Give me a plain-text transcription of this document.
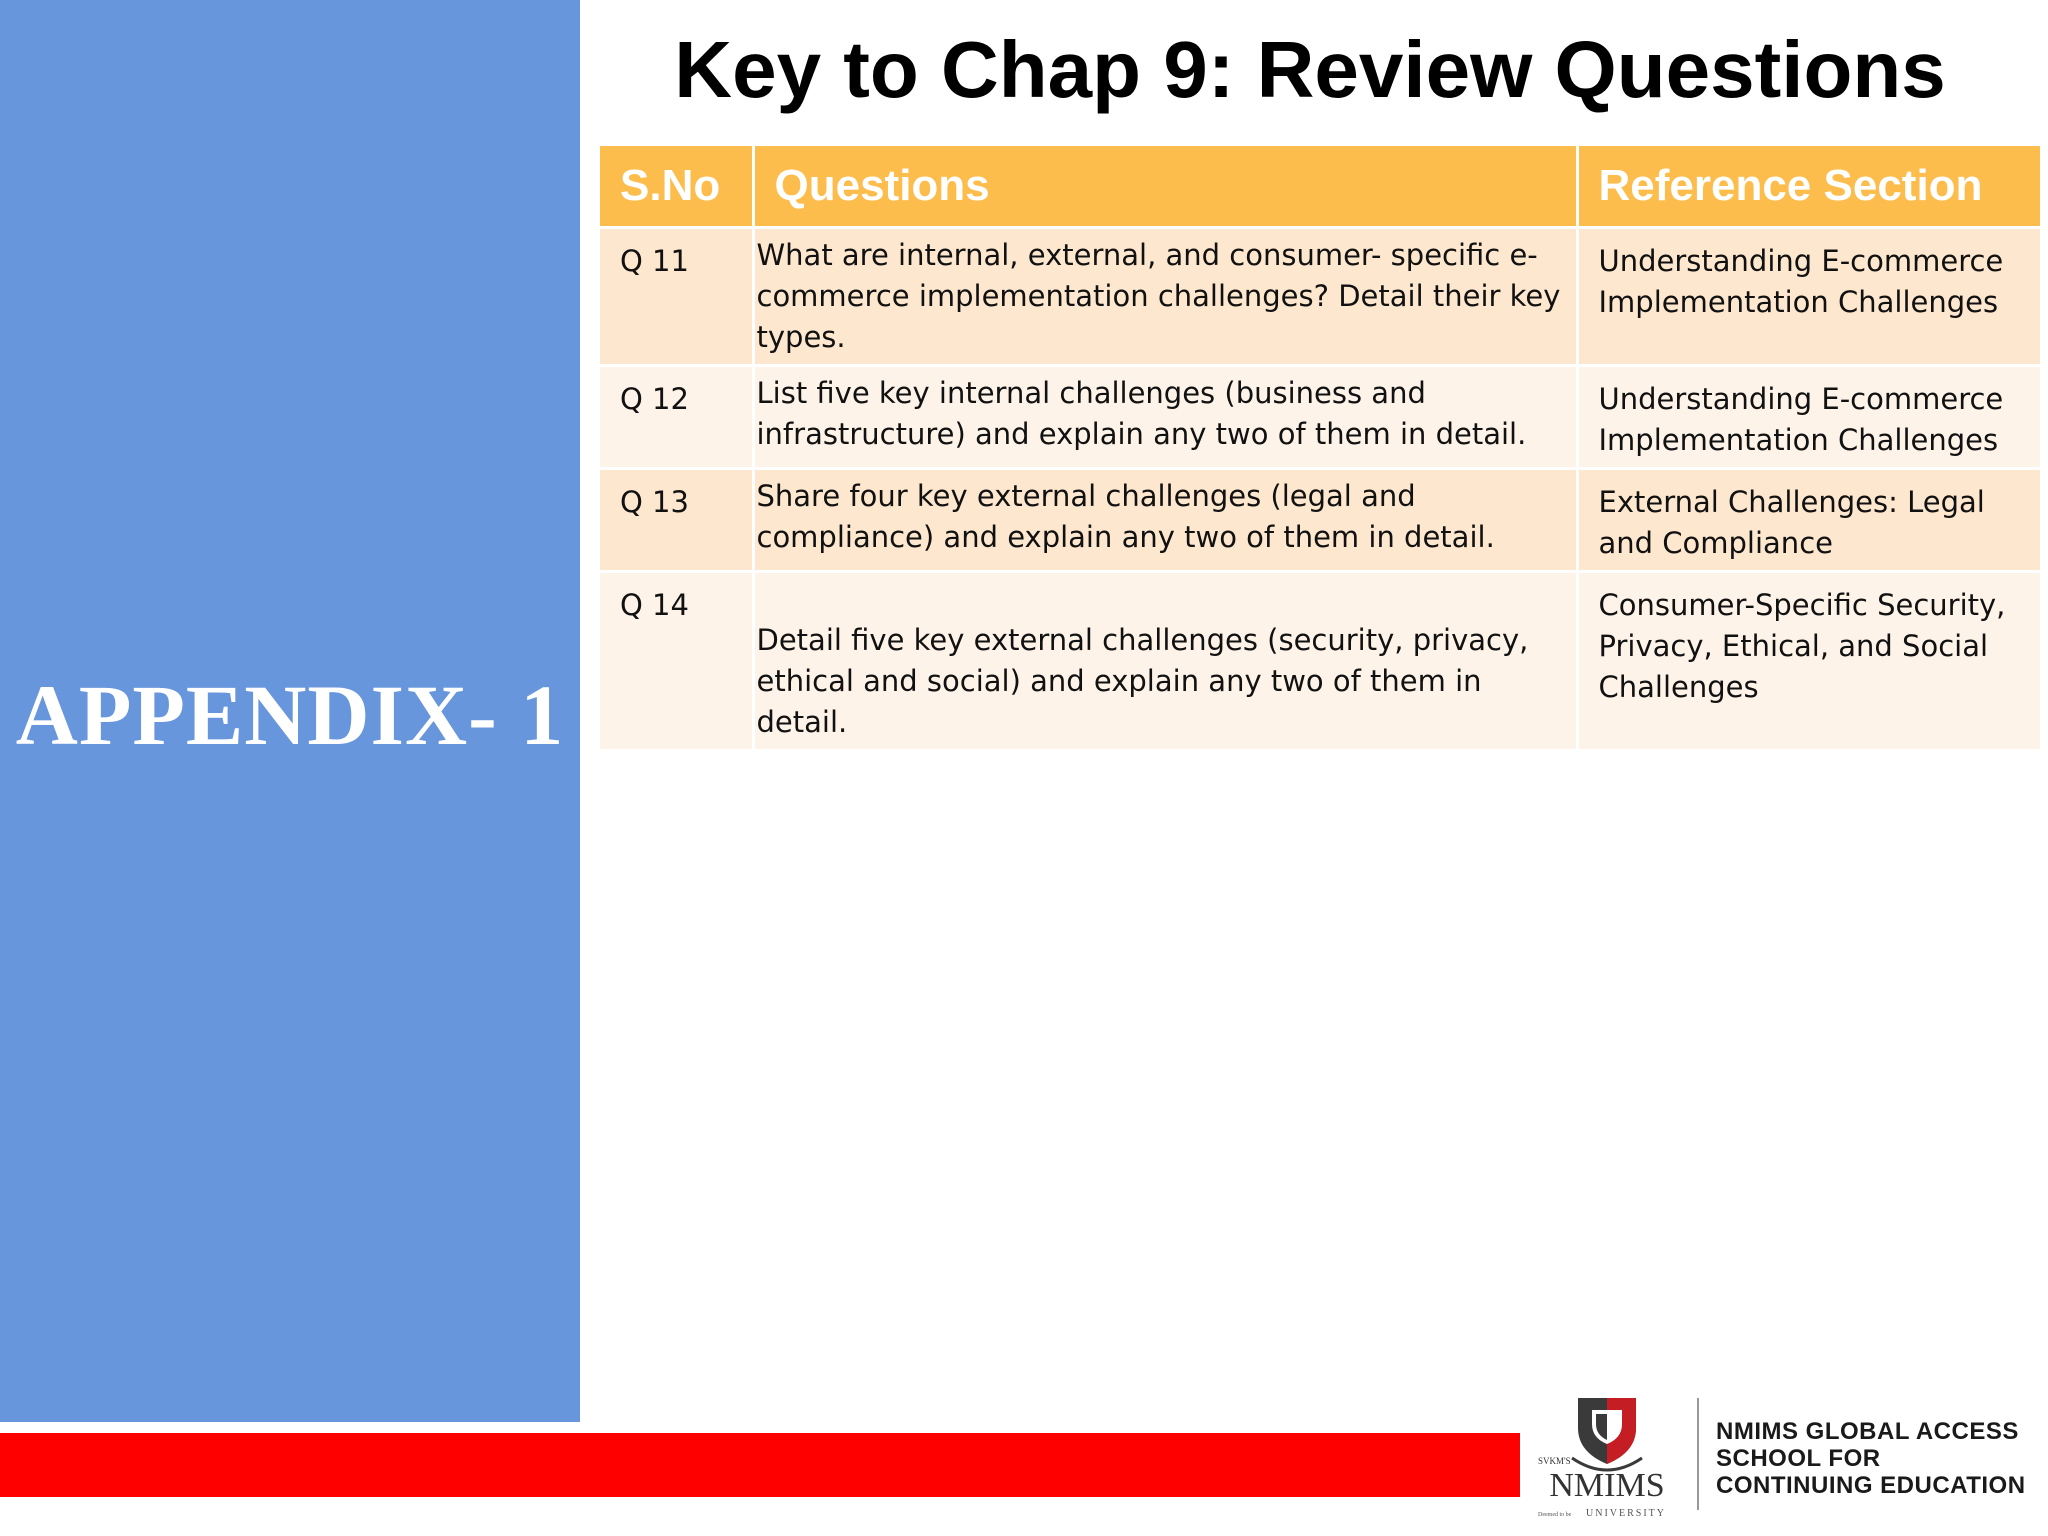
APPENDIX- 1
Key to Chap 9: Review Questions
S.No	Questions	Reference Section
Q 11	What are internal, external, and consumer- specific e-commerce implementation challenges? Detail their key types.	Understanding E-commerce Implementation Challenges
Q 12	List five key internal challenges (business and infrastructure) and explain any two of them in detail.	Understanding E-commerce Implementation Challenges
Q 13	Share four key external challenges (legal and compliance) and explain any two of them in detail.	External Challenges: Legal and Compliance
Q 14	Detail five key external challenges (security, privacy, ethical and social) and explain any two of them in detail.	Consumer-Specific Security, Privacy, Ethical, and Social Challenges
SVKM'S
NMIMS
Deemed to be UNIVERSITY
NMIMS GLOBAL ACCESS
SCHOOL FOR
CONTINUING EDUCATION
